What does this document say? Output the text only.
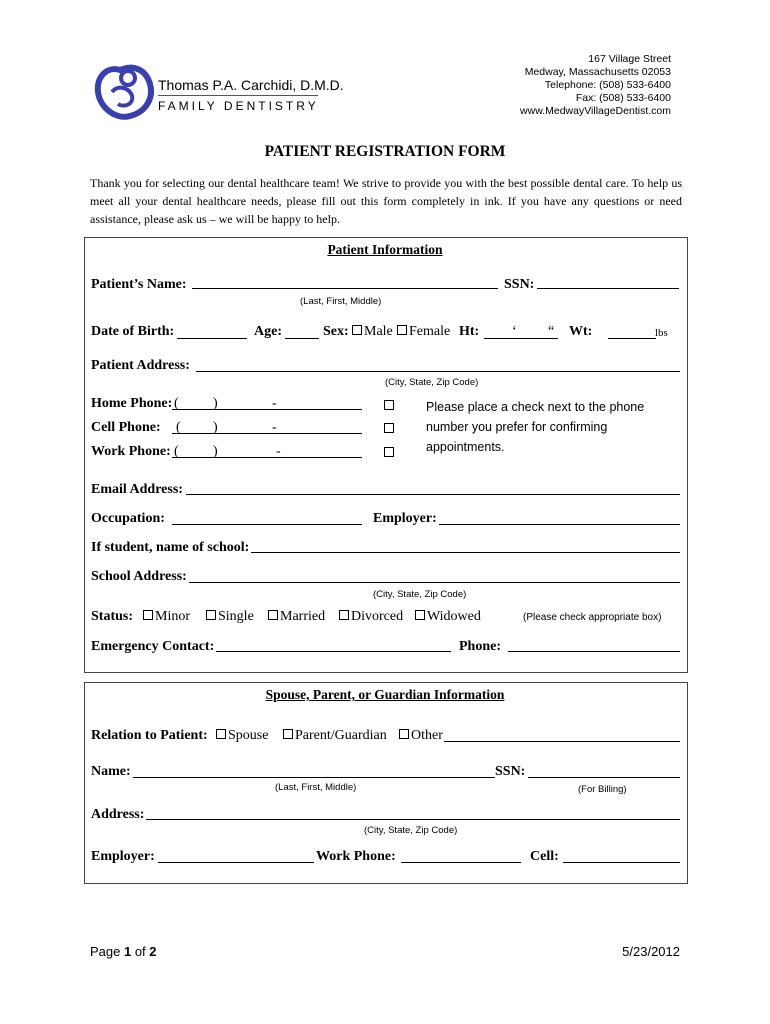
Thomas P.A. Carchidi, D.M.D.
FAMILY DENTISTRY
167 Village Street
Medway, Massachusetts 02053
Telephone: (508) 533-6400
Fax: (508) 533-6400
www.MedwayVillageDentist.com
PATIENT REGISTRATION FORM
Thank you for selecting our dental healthcare team! We strive to provide you with the best possible dental care. To help us meet all your dental healthcare needs, please fill out this form completely in ink. If you have any questions or need assistance, please ask us – we will be happy to help.
Patient Information
Patient’s Name:	SSN:
(Last, First, Middle)
Date of Birth:	Age:	Sex:	Male	Female Ht: ‘ “ Wt:	lbs
Patient Address:
(City, State, Zip Code)
Home Phone: ( )	-
Cell Phone: ( )	-
Work Phone: ( )	-
Please place a check next to the phone number you prefer for confirming appointments.
Email Address:
Occupation:	Employer:
If student, name of school:
School Address:
(City, State, Zip Code)
Status:	Minor	Single	Married	Divorced	Widowed	(Please check appropriate box)
Emergency Contact:	Phone:
Spouse, Parent, or Guardian Information
Relation to Patient:	Spouse	Parent/Guardian	Other
Name:	SSN:
(Last, First, Middle)	(For Billing)
Address:
(City, State, Zip Code)
Employer:	Work Phone:	Cell:
Page 1 of 2	5/23/2012
